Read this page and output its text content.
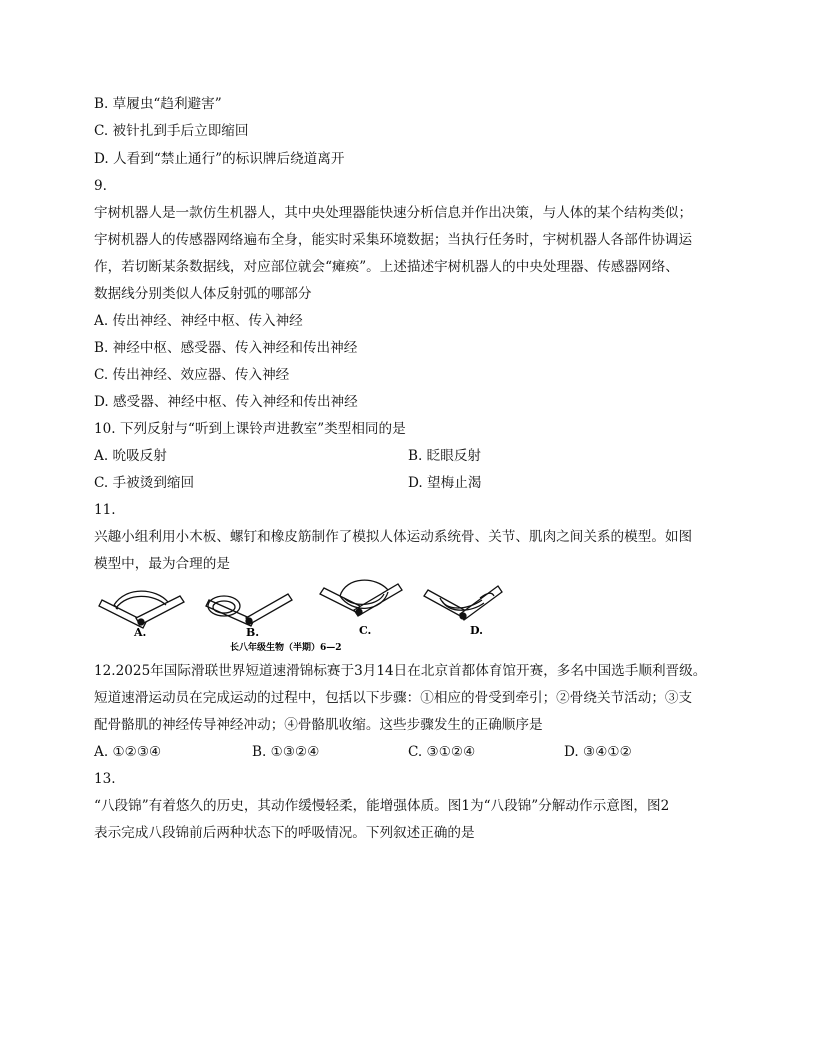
B. 草履虫“趋利避害”
C. 被针扎到手后立即缩回
D. 人看到“禁止通行”的标识牌后绕道离开
9.
宇树机器人是一款仿生机器人，其中央处理器能快速分析信息并作出决策，与人体的某个结构类似；
宇树机器人的传感器网络遍布全身，能实时采集环境数据；当执行任务时，宇树机器人各部件协调运
作，若切断某条数据线，对应部位就会“瘫痪”。上述描述宇树机器人的中央处理器、传感器网络、
数据线分别类似人体反射弧的哪部分
A. 传出神经、神经中枢、传入神经
B. 神经中枢、感受器、传入神经和传出神经
C. 传出神经、效应器、传入神经
D. 感受器、神经中枢、传入神经和传出神经
10. 下列反射与“听到上课铃声进教室”类型相同的是
A. 吮吸反射	B. 眨眼反射
C. 手被烫到缩回	D. 望梅止渴
11.
兴趣小组利用小木板、螺钉和橡皮筋制作了模拟人体运动系统骨、关节、肌肉之间关系的模型。如图
模型中，最为合理的是
A.	B.	C.	D.
长八年级生物（半期）6—2
12.2025年国际滑联世界短道速滑锦标赛于3月14日在北京首都体育馆开赛，多名中国选手顺利晋级。
短道速滑运动员在完成运动的过程中，包括以下步骤：①相应的骨受到牵引；②骨绕关节活动；③支
配骨骼肌的神经传导神经冲动；④骨骼肌收缩。这些步骤发生的正确顺序是
A. ①②③④	B. ①③②④	C. ③①②④	D. ③④①②
13.
“八段锦”有着悠久的历史，其动作缓慢轻柔，能增强体质。图1为“八段锦”分解动作示意图，图2
表示完成八段锦前后两种状态下的呼吸情况。下列叙述正确的是
